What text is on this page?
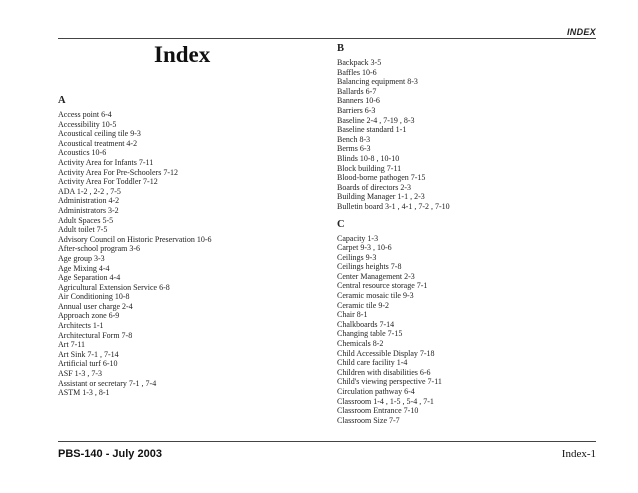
INDEX
Index
A
Access point 6-4
Accessibility 10-5
Acoustical ceiling tile 9-3
Acoustical treatment 4-2
Acoustics 10-6
Activity Area for Infants 7-11
Activity Area For Pre-Schoolers 7-12
Activity Area For Toddler 7-12
ADA 1-2 , 2-2 , 7-5
Administration 4-2
Administrators 3-2
Adult Spaces 5-5
Adult toilet 7-5
Advisory Council on Historic Preservation 10-6
After-school program 3-6
Age group 3-3
Age Mixing 4-4
Age Separation 4-4
Agricultural Extension Service 6-8
Air Conditioning 10-8
Annual user charge 2-4
Approach zone 6-9
Architects 1-1
Architectural Form 7-8
Art 7-11
Art Sink 7-1 , 7-14
Artificial turf 6-10
ASF 1-3 , 7-3
Assistant or secretary 7-1 , 7-4
ASTM 1-3 , 8-1
B
Backpack 3-5
Baffles 10-6
Balancing equipment 8-3
Ballards 6-7
Banners 10-6
Barriers 6-3
Baseline 2-4 , 7-19 , 8-3
Baseline standard 1-1
Bench 8-3
Berms 6-3
Blinds 10-8 , 10-10
Block building 7-11
Blood-borne pathogen 7-15
Boards of directors 2-3
Building Manager 1-1 , 2-3
Bulletin board 3-1 , 4-1 , 7-2 , 7-10
C
Capacity 1-3
Carpet 9-3 , 10-6
Ceilings 9-3
Ceilings heights 7-8
Center Management 2-3
Central resource storage 7-1
Ceramic mosaic tile 9-3
Ceramic tile 9-2
Chair 8-1
Chalkboards 7-14
Changing table 7-15
Chemicals 8-2
Child Accessible Display 7-18
Child care facility 1-4
Children with disabilities 6-6
Child's viewing perspective 7-11
Circulation pathway 6-4
Classroom 1-4 , 1-5 , 5-4 , 7-1
Classroom Entrance 7-10
Classroom Size 7-7
PBS-140 - July 2003	Index-1
